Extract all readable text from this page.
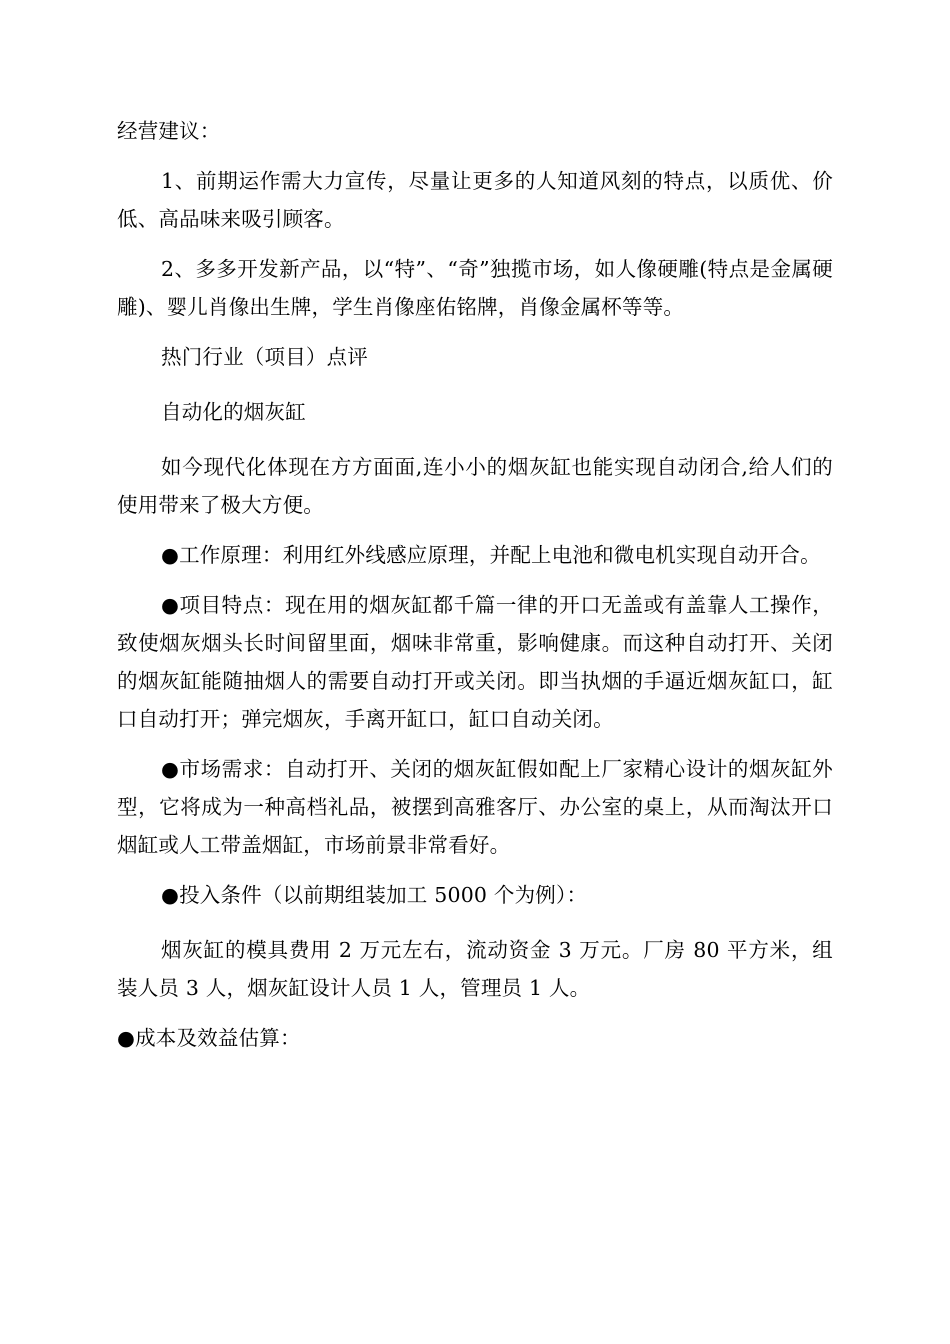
经营建议：

1、前期运作需大力宣传，尽量让更多的人知道风刻的特点，以质优、价低、高品味来吸引顾客。

2、多多开发新产品，以“特”、“奇”独揽市场，如人像硬雕(特点是金属硬雕)、婴儿肖像出生牌，学生肖像座佑铭牌，肖像金属杯等等。

热门行业（项目）点评

自动化的烟灰缸

如今现代化体现在方方面面,连小小的烟灰缸也能实现自动闭合,给人们的使用带来了极大方便。

●工作原理：利用红外线感应原理，并配上电池和微电机实现自动开合。

●项目特点：现在用的烟灰缸都千篇一律的开口无盖或有盖靠人工操作，致使烟灰烟头长时间留里面，烟味非常重，影响健康。而这种自动打开、关闭的烟灰缸能随抽烟人的需要自动打开或关闭。即当执烟的手逼近烟灰缸口，缸口自动打开；弹完烟灰，手离开缸口，缸口自动关闭。

●市场需求：自动打开、关闭的烟灰缸假如配上厂家精心设计的烟灰缸外型，它将成为一种高档礼品，被摆到高雅客厅、办公室的桌上，从而淘汰开口烟缸或人工带盖烟缸，市场前景非常看好。

●投入条件（以前期组装加工 5000 个为例）：

烟灰缸的模具费用 2 万元左右，流动资金 3 万元。厂房 80 平方米，组装人员 3 人，烟灰缸设计人员 1 人，管理员 1 人。

●成本及效益估算：
